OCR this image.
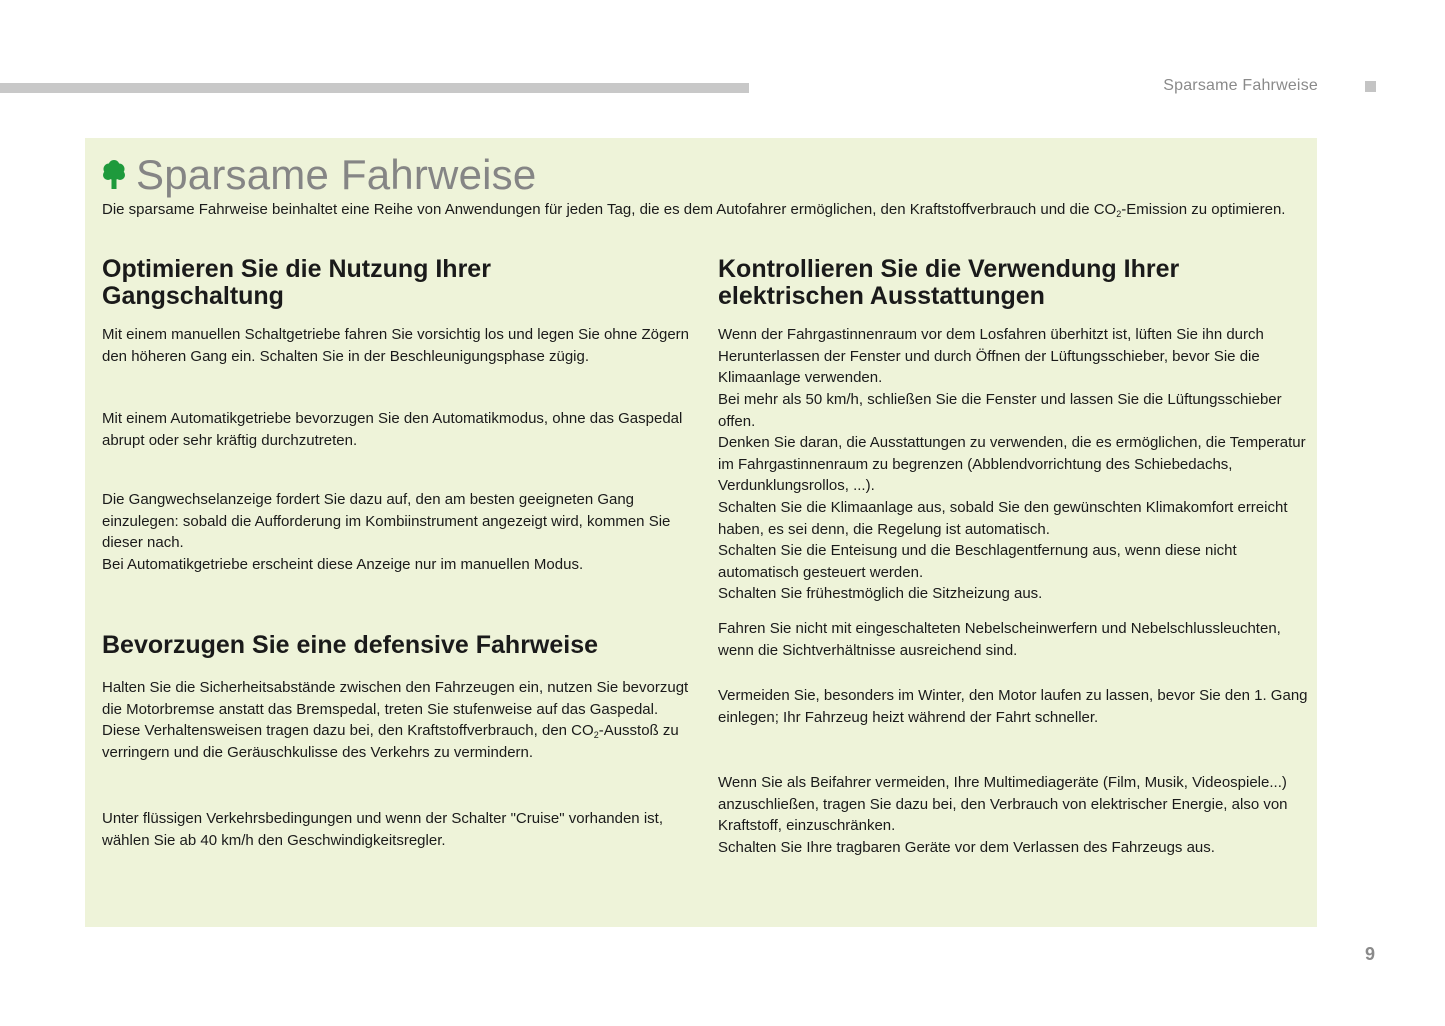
Sparsame Fahrweise
Sparsame Fahrweise
Die sparsame Fahrweise beinhaltet eine Reihe von Anwendungen für jeden Tag, die es dem Autofahrer ermöglichen, den Kraftstoffverbrauch und die $CO_2$-Emission zu optimieren.
Optimieren Sie die Nutzung Ihrer
Gangschaltung

Mit einem manuellen Schaltgetriebe fahren Sie vorsichtig los und legen Sie ohne Zögern den höheren Gang ein. Schalten Sie in der Beschleunigungsphase zügig.

Mit einem Automatikgetriebe bevorzugen Sie den Automatikmodus, ohne das Gaspedal abrupt oder sehr kräftig durchzutreten.

Die Gangwechselanzeige fordert Sie dazu auf, den am besten geeigneten Gang einzulegen: sobald die Aufforderung im Kombiinstrument angezeigt wird, kommen Sie dieser nach.

Bei Automatikgetriebe erscheint diese Anzeige nur im manuellen Modus.

Bevorzugen Sie eine defensive Fahrweise

Halten Sie die Sicherheitsabstände zwischen den Fahrzeugen ein, nutzen Sie bevorzugt die Motorbremse anstatt das Bremspedal, treten Sie stufenweise auf das Gaspedal. Diese Verhaltensweisen tragen dazu bei, den Kraftstoffverbrauch, den $CO_2$-Ausstoß zu verringern und die Geräuschkulisse des Verkehrs zu vermindern.

Unter flüssigen Verkehrsbedingungen und wenn der Schalter "Cruise" vorhanden ist, wählen Sie ab 40 km/h den Geschwindigkeitsregler.

Kontrollieren Sie die Verwendung Ihrer
elektrischen Ausstattungen

Wenn der Fahrgastinnenraum vor dem Losfahren überhitzt ist, lüften Sie ihn durch Herunterlassen der Fenster und durch Öffnen der Lüftungsschieber, bevor Sie die Klimaanlage verwenden.

Bei mehr als 50 km/h, schließen Sie die Fenster und lassen Sie die Lüftungsschieber offen.

Denken Sie daran, die Ausstattungen zu verwenden, die es ermöglichen, die Temperatur im Fahrgastinnenraum zu begrenzen (Abblendvorrichtung des Schiebedachs, Verdunklungsrollos, ...).

Schalten Sie die Klimaanlage aus, sobald Sie den gewünschten Klimakomfort erreicht haben, es sei denn, die Regelung ist automatisch.

Schalten Sie die Enteisung und die Beschlagentfernung aus, wenn diese nicht automatisch gesteuert werden.

Schalten Sie frühestmöglich die Sitzheizung aus.

Fahren Sie nicht mit eingeschalteten Nebelscheinwerfern und Nebelschlussleuchten, wenn die Sichtverhältnisse ausreichend sind.

Vermeiden Sie, besonders im Winter, den Motor laufen zu lassen, bevor Sie den 1. Gang einlegen; Ihr Fahrzeug heizt während der Fahrt schneller.

Wenn Sie als Beifahrer vermeiden, Ihre Multimediageräte (Film, Musik, Videospiele...) anzuschließen, tragen Sie dazu bei, den Verbrauch von elektrischer Energie, also von Kraftstoff, einzuschränken.

Schalten Sie Ihre tragbaren Geräte vor dem Verlassen des Fahrzeugs aus.

9
